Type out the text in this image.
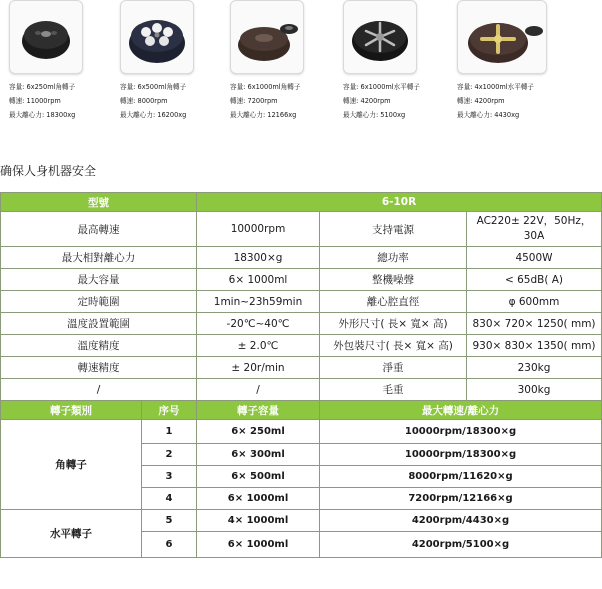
容量: 6x250ml角轉子
轉速: 11000rpm
最大離心力: 18300xg
容量: 6x500ml角轉子
轉速: 8000rpm
最大離心力: 16200xg
容量: 6x1000ml角轉子
轉速: 7200rpm
最大離心力: 12166xg
容量: 6x1000ml水平轉子
轉速: 4200rpm
最大離心力: 5100xg
容量: 4x1000ml水平轉子
轉速: 4200rpm
最大離心力: 4430xg
确保人身机器安全
型號		6-10R		
最高轉速		10000rpm	支持電源	AC220± 22V，50Hz，30A
最大相對離心力		18300×g	總功率	4500W
最大容量		6× 1000ml	整機噪聲	< 65dB( A)
定時範圍		1min~23h59min	離心腔直徑	φ 600mm
溫度設置範圍		-20℃~40℃	外形尺寸( 長× 寬× 高)	830× 720× 1250( mm)
溫度精度		± 2.0℃	外包裝尺寸( 長× 寬× 高)	930× 830× 1350( mm)
轉速精度		± 20r/min	淨重	230kg
/		/	毛重	300kg
轉子類別	序号	轉子容量	最大轉速/離心力	
角轉子	1	6× 250ml	10000rpm/18300×g	
	2	6× 300ml	10000rpm/18300×g	
	3	6× 500ml	8000rpm/11620×g	
	4	6× 1000ml	7200rpm/12166×g	
水平轉子	5	4× 1000ml	4200rpm/4430×g	
	6	6× 1000ml	4200rpm/5100×g	
